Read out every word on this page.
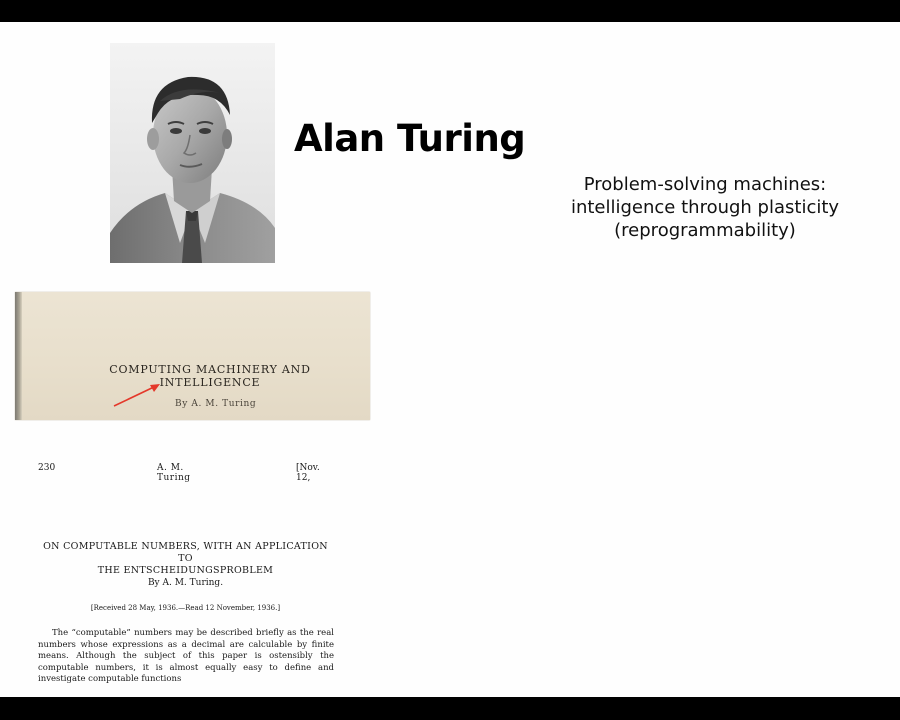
Alan Turing
Problem-solving machines:
intelligence through plasticity
(reprogrammability)
COMPUTING MACHINERY AND
INTELLIGENCE
By A. M. Turing
230	A. M. Turing
[Nov. 12,
ON COMPUTABLE NUMBERS, WITH AN APPLICATION TO
THE ENTSCHEIDUNGSPROBLEM
By A. M. Turing.
[Received 28 May, 1936.—Read 12 November, 1936.]

The “computable” numbers may be described briefly as the real numbers whose expressions as a decimal are calculable by finite means. Although the subject of this paper is ostensibly the computable numbers, it is almost equally easy to define and investigate computable functions
